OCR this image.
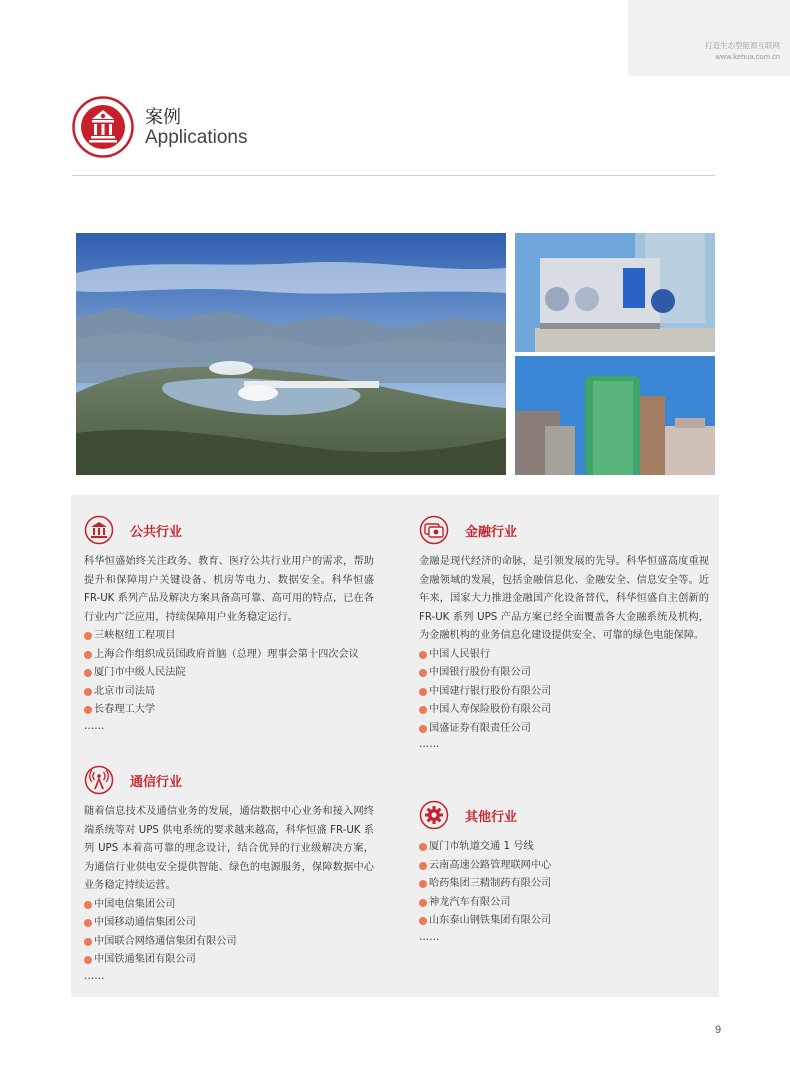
打造生态型能源互联网
www.kehua.com.cn
案例
Applications
公共行业

科华恒盛始终关注政务、教育、医疗公共行业用户的需求，帮助提升和保障用户关键设备、机房等电力、数据安全。科华恒盛 FR-UK 系列产品及解决方案具备高可靠、高可用的特点，已在各行业内广泛应用，持续保障用户业务稳定运行。

三峡枢纽工程项目
上海合作组织成员国政府首脑（总理）理事会第十四次会议
厦门市中级人民法院
北京市司法局
长春理工大学
……
通信行业

随着信息技术及通信业务的发展，通信数据中心业务和接入网终端系统等对 UPS 供电系统的要求越来越高，科华恒盛 FR-UK 系列 UPS 本着高可靠的理念设计，结合优异的行业级解决方案，为通信行业供电安全提供智能、绿色的电源服务，保障数据中心业务稳定持续运营。

中国电信集团公司
中国移动通信集团公司
中国联合网络通信集团有限公司
中国铁通集团有限公司
……
金融行业

金融是现代经济的命脉，是引领发展的先导。科华恒盛高度重视金融领域的发展，包括金融信息化、金融安全、信息安全等。近年来，国家大力推进金融国产化设备替代，科华恒盛自主创新的 FR-UK 系列 UPS 产品方案已经全面覆盖各大金融系统及机构，为金融机构的业务信息化建设提供安全、可靠的绿色电能保障。

中国人民银行
中国银行股份有限公司
中国建行银行股份有限公司
中国人寿保险股份有限公司
国盛证券有限责任公司
……
其他行业
厦门市轨道交通 1 号线
云南高速公路管理联网中心
哈药集团三精制药有限公司
神龙汽车有限公司
山东泰山钢铁集团有限公司
……
9
